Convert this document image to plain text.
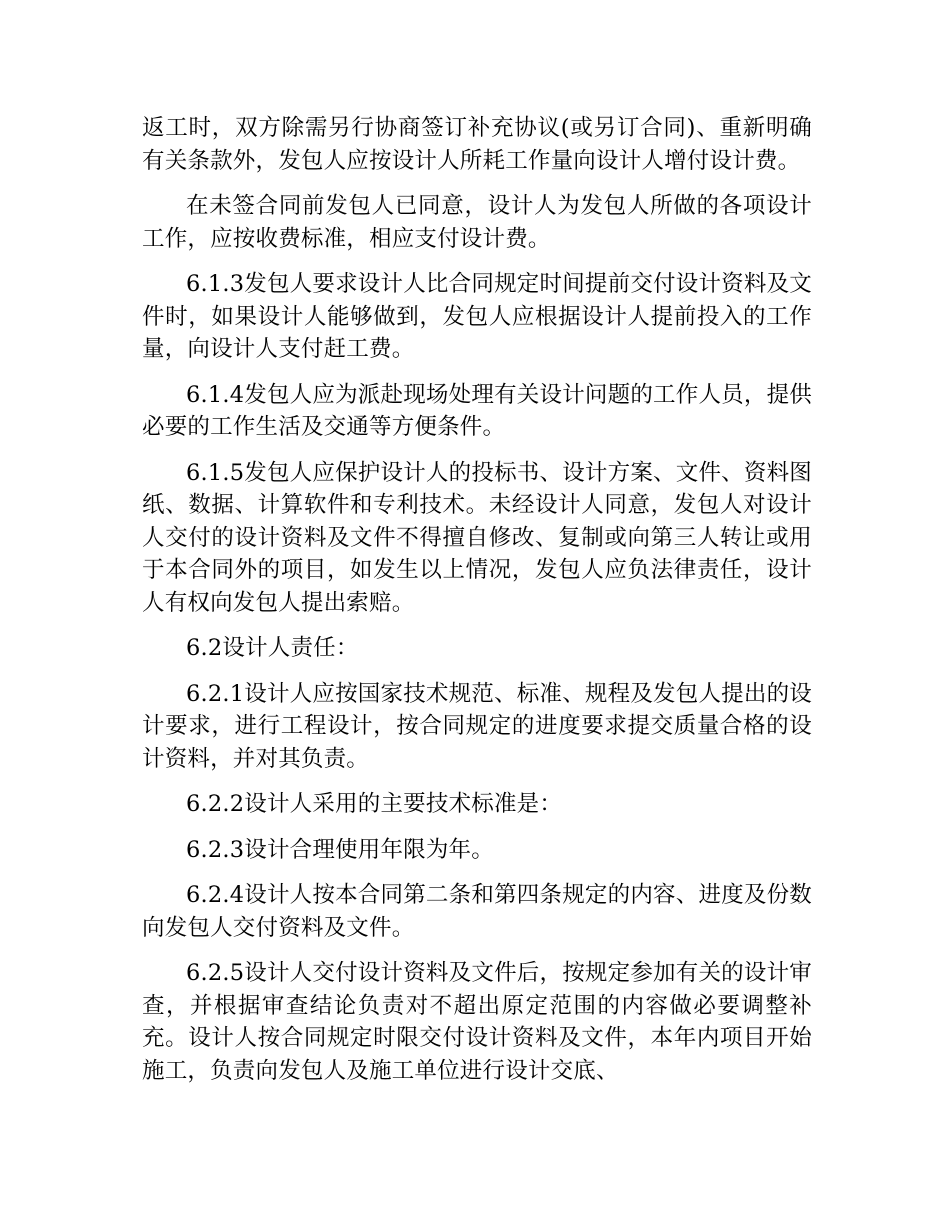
返工时，双方除需另行协商签订补充协议(或另订合同)、重新明确有关条款外，发包人应按设计人所耗工作量向设计人增付设计费。

在未签合同前发包人已同意，设计人为发包人所做的各项设计工作，应按收费标准，相应支付设计费。

6.1.3发包人要求设计人比合同规定时间提前交付设计资料及文件时，如果设计人能够做到，发包人应根据设计人提前投入的工作量，向设计人支付赶工费。

6.1.4发包人应为派赴现场处理有关设计问题的工作人员，提供必要的工作生活及交通等方便条件。

6.1.5发包人应保护设计人的投标书、设计方案、文件、资料图纸、数据、计算软件和专利技术。未经设计人同意，发包人对设计人交付的设计资料及文件不得擅自修改、复制或向第三人转让或用于本合同外的项目，如发生以上情况，发包人应负法律责任，设计人有权向发包人提出索赔。

6.2设计人责任：

6.2.1设计人应按国家技术规范、标准、规程及发包人提出的设计要求，进行工程设计，按合同规定的进度要求提交质量合格的设计资料，并对其负责。

6.2.2设计人采用的主要技术标准是：

6.2.3设计合理使用年限为年。

6.2.4设计人按本合同第二条和第四条规定的内容、进度及份数向发包人交付资料及文件。

6.2.5设计人交付设计资料及文件后，按规定参加有关的设计审查，并根据审查结论负责对不超出原定范围的内容做必要调整补充。设计人按合同规定时限交付设计资料及文件，本年内项目开始施工，负责向发包人及施工单位进行设计交底、
